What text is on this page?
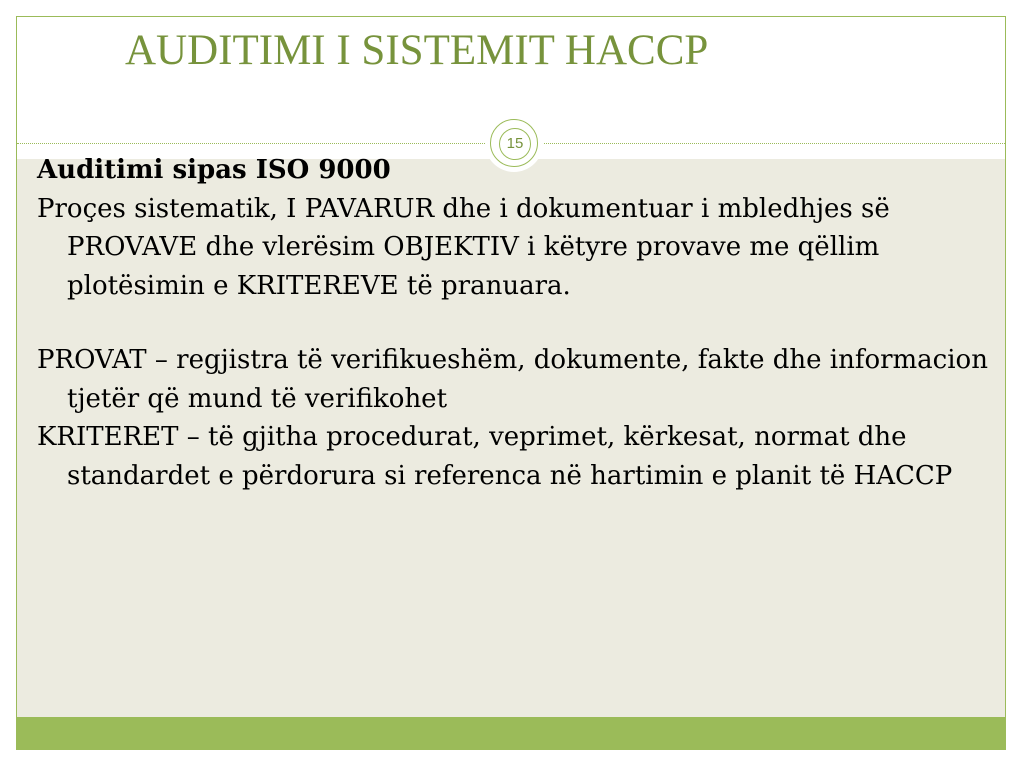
AUDITIMI I SISTEMIT HACCP
15

Auditimi sipas ISO 9000

Proçes sistematik, I PAVARUR dhe i dokumentuar i mbledhjes së PROVAVE dhe vlerësim OBJEKTIV i këtyre provave me qëllim plotësimin e KRITEREVE të pranuara.

PROVAT – regjistra të verifikueshëm, dokumente, fakte dhe informacion tjetër që mund të verifikohet

KRITERET – të gjitha procedurat, veprimet, kërkesat, normat dhe standardet e përdorura si referenca në hartimin e planit të HACCP
